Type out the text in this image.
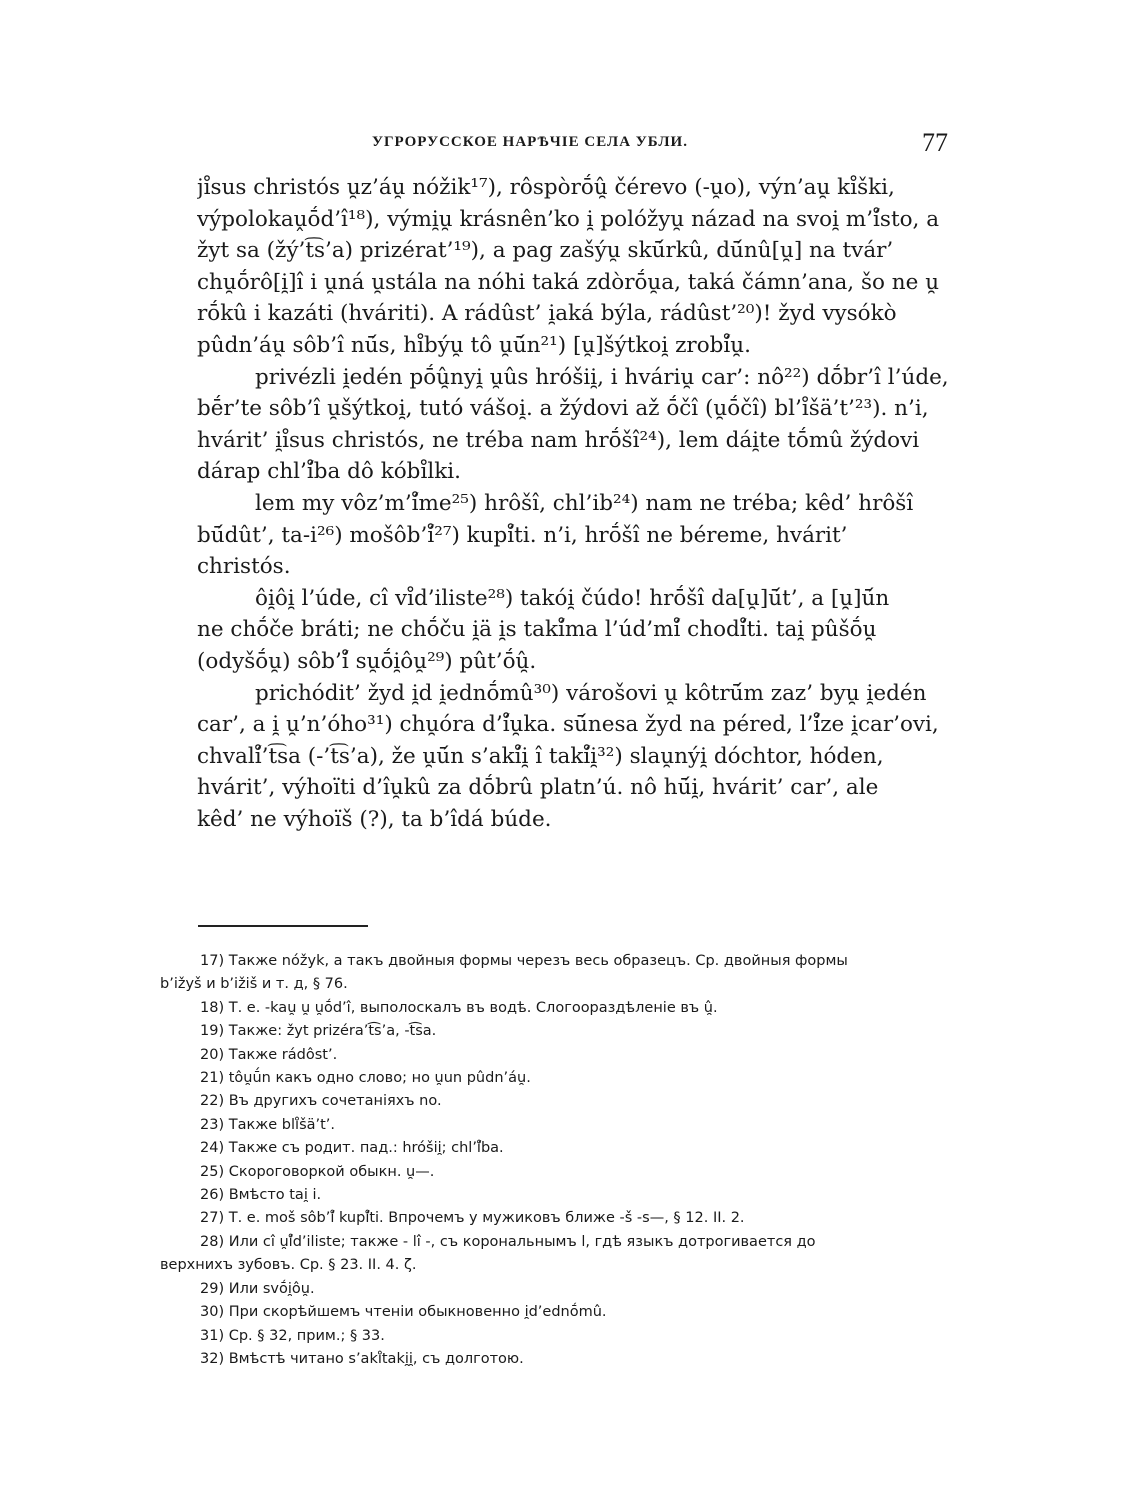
УГРОРУССКОЕ НАРѢЧІЕ СЕЛА УБЛИ.	77

ji̊sus christós u̯z’áu̯ nóžik¹⁷), rôspòrṓû̯ čérevo (-u̯o), výn’au̯ ki̊ški,
výpolokaṷṓd’ı̂¹⁸), vými̯u̯ krásnên’ko i̯ polóžyu̯ názad na svoi̯ m’ı̊́sto, a
žyt sa (žý’t͡s’a) prizérat’¹⁹), a pag zašýu̯ skū́rkû, dū́nû[u̯] na tvár’
chu̯ṓrô[i̯]ı̂ i u̯ná u̯stála na nóhi taká zdòrṓu̯a, taká čámn’ana, šo ne u̯
rṓkû i kazáti (hváriti). A rádûst’ i̯aká býla, rádûst’²⁰)! žyd vysókò
pûdn’áu̯ sôb’ı̂ nū́s, hi̊býu̯ tô u̯ū́n²¹) [u̯]šýtkoi̯ zrobi̊́u̯.

privézli i̯edén pṓû̯nyi̯ u̯ûs hróšii̯, i hváriu̯ car’: nô²²) dṓbr’ı̂ l’úde,
bḗr’te sôb’ı̂ u̯šýtkoi̯, tutó vášoi̯. a žýdovi až ṓčı̂ (u̯ṓčı̂) bl’i̊šä’t’²³). n’i,
hvárit’ i̯i̊sus christós, ne tréba nam hrṓšı̂²⁴), lem dái̯te tṓmû žýdovi
dárap chl’ı̊́ba dô kóbi̊lki.

lem my vôz’m’ı̊́me²⁵) hrôšı̂, chl’ib²⁴) nam ne tréba; kêd’ hrôšı̂
bū́dût’, ta-i²⁶) mošôb’ı̊́²⁷) kupi̊́ti. n’i, hrṓšı̂ ne béreme, hvárit’
christós.

ôi̯ôi̯ l’úde, cı̂ vi̊d’iliste²⁸) takói̯ čúdo! hrṓšı̂ da[u̯]ū́t’, a [u̯]ū́n
ne chṓče bráti; ne chṓču i̯ä i̯s taki̊́ma l’úd’mi̊́ chodi̊́ti. tai̯ pûšṓu̯
(odyšṓu̯) sôb’ı̊́ su̯ṓi̯ôu̯²⁹) pût’ṓû̯.

prichódit’ žyd i̯d i̯ednṓmû³⁰) várošovi u̯ kôtrū́m zaz’ byu̯ i̯edén
car’, a i̯ u̯’n’óho³¹) chu̯óra d’ı̊́u̯ka. sū́nesa žyd na péred, l’ı̊́ze i̯car’ovi,
chvali̊́’t͡sa (-’t͡s’a), že u̯ū́n s’aki̊́i̯ ı̂ taki̊́i̯³²) slau̯nýi̯ dóchtor, hóden,
hvárit’, výhoı̈ti d’ı̂u̯kû za dṓbrû platn’ú. nô hū́i̯, hvárit’ car’, ale
kêd’ ne výhoı̈š (?), ta b’ı̂dá búde.

17) Также nóžyk, а такъ двойныя формы черезъ весь образецъ. Ср. двойныя формы
b’ižyš и b’ižiš и т. д, § 76.
18) Т. е. -kau̯ u̯ u̯ṓd’ı̂, выполоскалъ въ водѣ. Слогоораздѣленіе въ û̯.
19) Также: žyt prizéra’t͡s’a, -t͡sa.
20) Также rádôst’.
21) tôu̯ū́n какъ одно слово; но u̯un pûdn’áu̯.
22) Въ другихъ сочетаніяхъ no.
23) Также bli̊šä’t’.
24) Также съ родит. пад.: hróšii̯; chl’ı̊́ba.
25) Скороговоркой обыкн. u̯—.
26) Вмѣсто tai̯ i.
27) Т. е. moš sôb’ı̊́ kupi̊́ti. Впрочемъ у мужиковъ ближе -š -s—, § 12. II. 2.
28) Или cı̂ u̯ı̊́d’iliste; также - lı̂ -, съ корональнымъ l, гдѣ языкъ дотрогивается до
верхнихъ зубовъ. Ср. § 23. II. 4. ζ.
29) Или svṓi̯ôu̯.
30) При скорѣйшемъ чтеніи обыкновенно i̯d’ednṓmû.
31) Ср. § 32, прим.; § 33.
32) Вмѣстѣ читано s’aki̊taki̯i̯, съ долготою.
